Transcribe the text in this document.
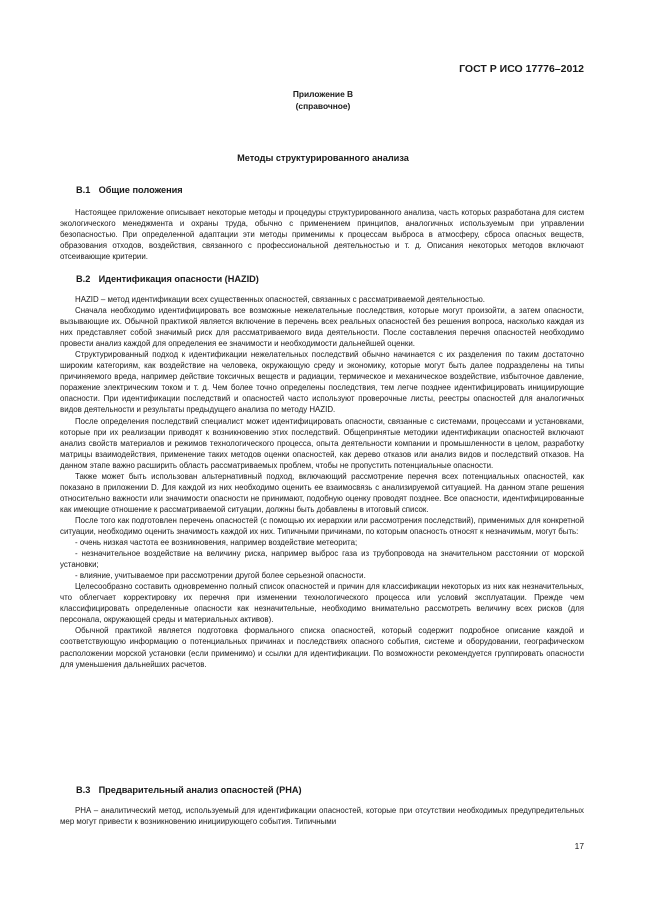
ГОСТ Р ИСО 17776–2012
Приложение В
(справочное)
Методы структурированного анализа
В.1 Общие положения

Настоящее приложение описывает некоторые методы и процедуры структурированного анализа, часть которых разработана для систем экологического менеджмента и охраны труда, обычно с применением принципов, аналогичных используемым при управлении безопасностью. При определенной адаптации эти методы применимы к процессам выброса в атмосферу, сброса опасных веществ, образования отходов, воздействия, связанного с профессиональной деятельностью и т. д. Описания некоторых методов включают отсеивающие критерии.

В.2 Идентификация опасности (HAZID)

HAZID – метод идентификации всех существенных опасностей, связанных с рассматриваемой деятельностью.

Сначала необходимо идентифицировать все возможные нежелательные последствия, которые могут произойти, а затем опасности, вызывающие их. Обычной практикой является включение в перечень всех реальных опасностей без решения вопроса, насколько каждая из них представляет собой значимый риск для рассматриваемого вида деятельности. После составления перечня опасностей необходимо провести анализ каждой для определения ее значимости и необходимости дальнейшей оценки.

Структурированный подход к идентификации нежелательных последствий обычно начинается с их разделения по таким достаточно широким категориям, как воздействие на человека, окружающую среду и экономику, которые могут быть далее подразделены на типы причиняемого вреда, например действие токсичных веществ и радиации, термическое и механическое воздействие, избыточное давление, поражение электрическим током и т. д. Чем более точно определены последствия, тем легче позднее идентифицировать инициирующие опасности. При идентификации последствий и опасностей часто используют проверочные листы, реестры опасностей для аналогичных видов деятельности и результаты предыдущего анализа по методу HAZID.

После определения последствий специалист может идентифицировать опасности, связанные с системами, процессами и установками, которые при их реализации приводят к возникновению этих последствий. Общепринятые методики идентификации опасностей включают анализ свойств материалов и режимов технологического процесса, опыта деятельности компании и промышленности в целом, разработку матрицы взаимодействия, применение таких методов оценки опасностей, как дерево отказов или анализ видов и последствий отказов. На данном этапе важно расширить область рассматриваемых проблем, чтобы не пропустить потенциальные опасности.

Также может быть использован альтернативный подход, включающий рассмотрение перечня всех потенциальных опасностей, как показано в приложении D. Для каждой из них необходимо оценить ее взаимосвязь с анализируемой ситуацией. На данном этапе решения относительно важности или значимости опасности не принимают, подобную оценку проводят позднее. Все опасности, идентифицированные как имеющие отношение к рассматриваемой ситуации, должны быть добавлены в итоговый список.

После того как подготовлен перечень опасностей (с помощью их иерархии или рассмотрения последствий), применимых для конкретной ситуации, необходимо оценить значимость каждой их них. Типичными причинами, по которым опасность относят к незначимым, могут быть:

- очень низкая частота ее возникновения, например воздействие метеорита;

- незначительное воздействие на величину риска, например выброс газа из трубопровода на значительном расстоянии от морской установки;

- влияние, учитываемое при рассмотрении другой более серьезной опасности.

Целесообразно составить одновременно полный список опасностей и причин для классификации некоторых из них как незначительных, что облегчает корректировку их перечня при изменении технологического процесса или условий эксплуатации. Прежде чем классифицировать определенные опасности как незначительные, необходимо внимательно рассмотреть величину всех рисков (для персонала, окружающей среды и материальных активов).

Обычной практикой является подготовка формального списка опасностей, который содержит подробное описание каждой и соответствующую информацию о потенциальных причинах и последствиях опасного события, системе и оборудовании, географическом расположении морской установки (если применимо) и ссылки для идентификации. По возможности рекомендуется группировать опасности для уменьшения дальнейших расчетов.

В.3 Предварительный анализ опасностей (PHA)

PHA – аналитический метод, используемый для идентификации опасностей, которые при отсутствии необходимых предупредительных мер могут привести к возникновению инициирующего события. Типичными

17
